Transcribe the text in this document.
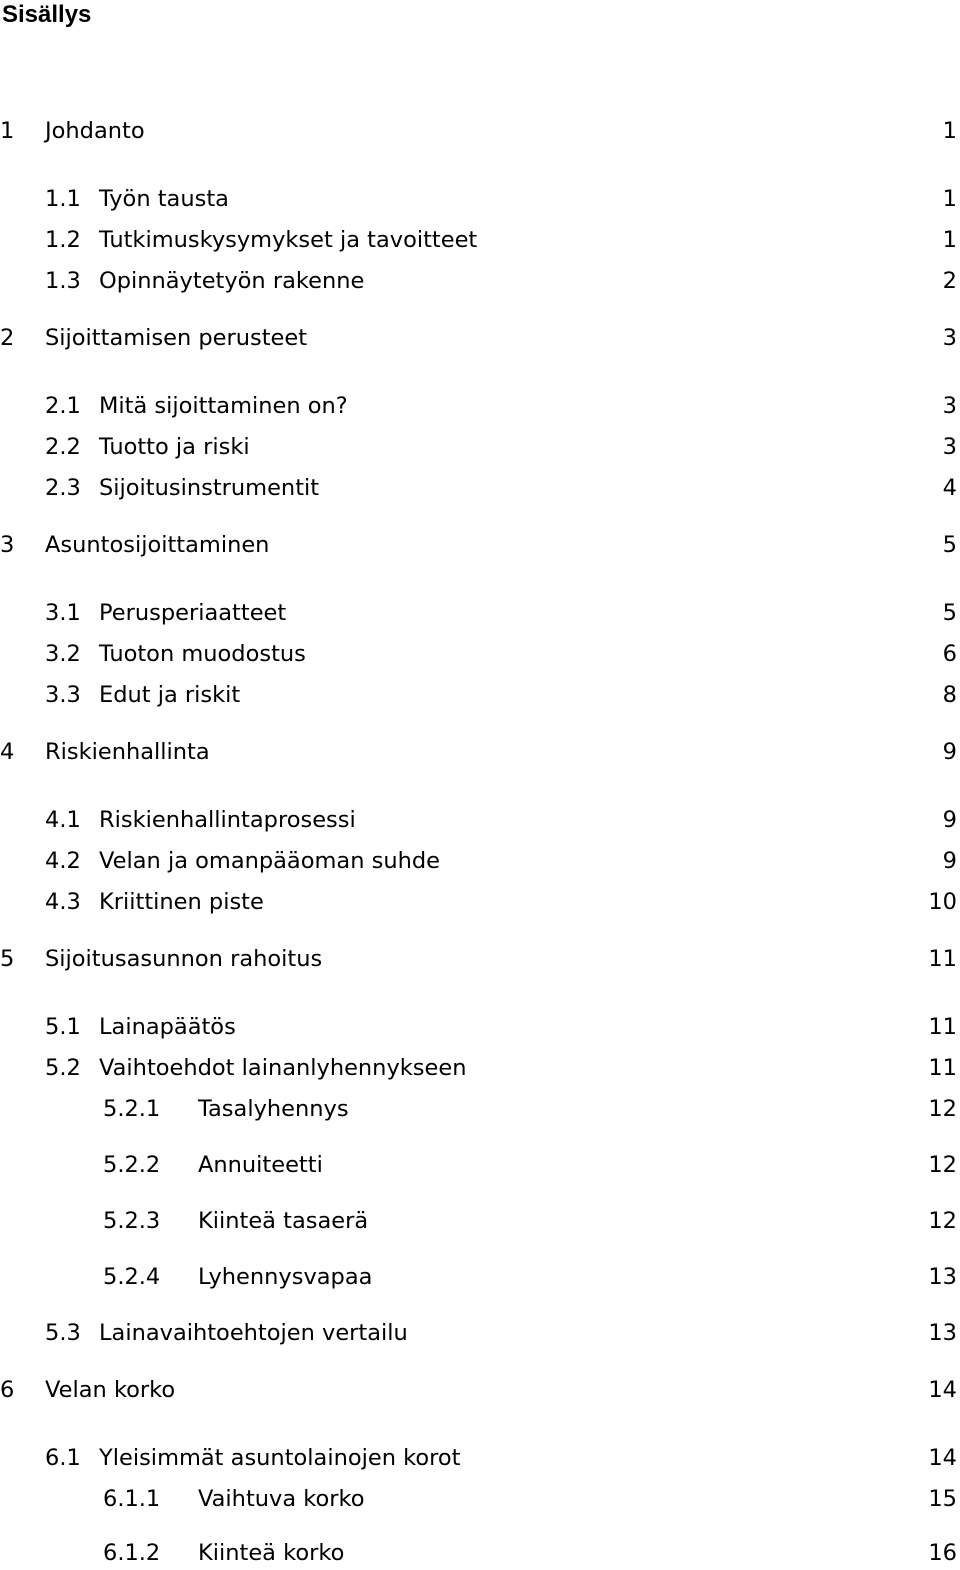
Sisällys
1 Johdanto	1
1.1 Työn tausta	1
1.2 Tutkimuskysymykset ja tavoitteet	1
1.3 Opinnäytetyön rakenne	2
2 Sijoittamisen perusteet	3
2.1 Mitä sijoittaminen on?	3
2.2 Tuotto ja riski	3
2.3 Sijoitusinstrumentit	4
3 Asuntosijoittaminen	5
3.1 Perusperiaatteet	5
3.2 Tuoton muodostus	6
3.3 Edut ja riskit	8
4 Riskienhallinta	9
4.1 Riskienhallintaprosessi	9
4.2 Velan ja omanpääoman suhde	9
4.3 Kriittinen piste	10
5 Sijoitusasunnon rahoitus	11
5.1 Lainapäätös	11
5.2 Vaihtoehdot lainanlyhennykseen	11
5.2.1 Tasalyhennys	12
5.2.2 Annuiteetti	12
5.2.3 Kiinteä tasaerä	12
5.2.4 Lyhennysvapaa	13
5.3 Lainavaihtoehtojen vertailu	13
6 Velan korko	14
6.1 Yleisimmät asuntolainojen korot	14
6.1.1 Vaihtuva korko	15
6.1.2 Kiinteä korko	16
